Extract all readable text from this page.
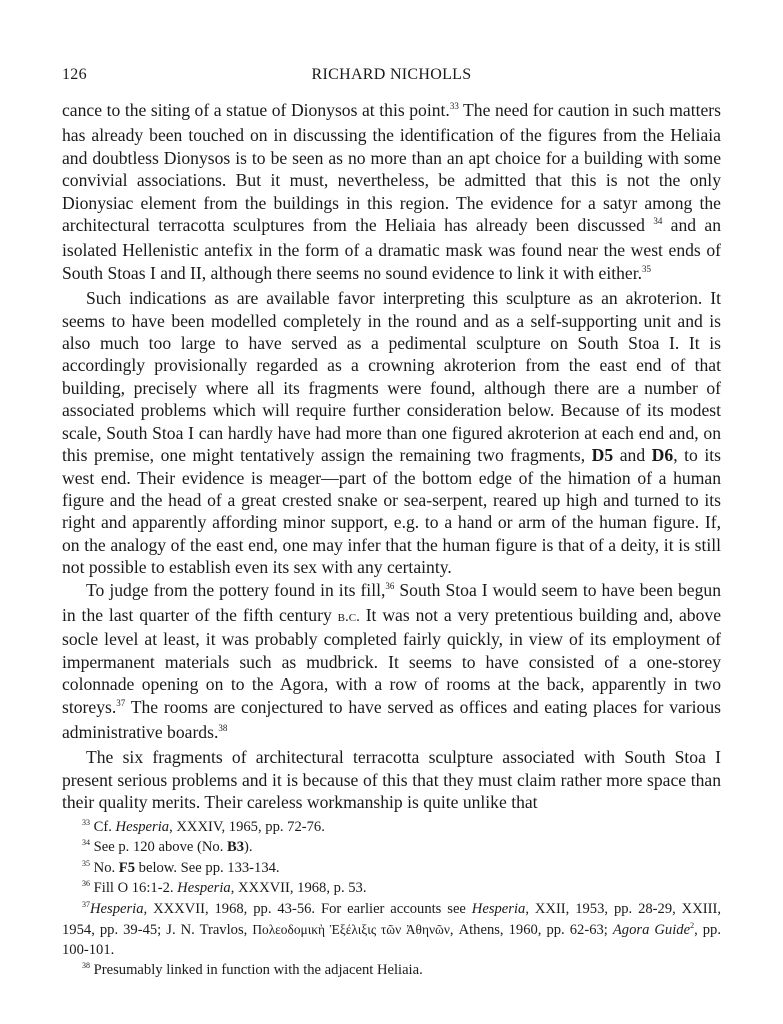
126	RICHARD NICHOLLS

cance to the siting of a statue of Dionysos at this point.$^{33}$ The need for caution in such matters has already been touched on in discussing the identification of the figures from the Heliaia and doubtless Dionysos is to be seen as no more than an apt choice for a building with some convivial associations. But it must, nevertheless, be admitted that this is not the only Dionysiac element from the buildings in this region. The evidence for a satyr among the architectural terracotta sculptures from the Heliaia has already been discussed $^{34}$ and an isolated Hellenistic antefix in the form of a dramatic mask was found near the west ends of South Stoas I and II, although there seems no sound evidence to link it with either.$^{35}$

Such indications as are available favor interpreting this sculpture as an akroterion. It seems to have been modelled completely in the round and as a self-supporting unit and is also much too large to have served as a pedimental sculpture on South Stoa I. It is accordingly provisionally regarded as a crowning akroterion from the east end of that building, precisely where all its fragments were found, although there are a number of associated problems which will require further consideration below. Because of its modest scale, South Stoa I can hardly have had more than one figured akroterion at each end and, on this premise, one might tentatively assign the remaining two fragments, D5 and D6, to its west end. Their evidence is meager—part of the bottom edge of the himation of a human figure and the head of a great crested snake or sea-serpent, reared up high and turned to its right and apparently affording minor support, e.g. to a hand or arm of the human figure. If, on the analogy of the east end, one may infer that the human figure is that of a deity, it is still not possible to establish even its sex with any certainty.

To judge from the pottery found in its fill,$^{36}$ South Stoa I would seem to have been begun in the last quarter of the fifth century b.c. It was not a very pretentious building and, above socle level at least, it was probably completed fairly quickly, in view of its employment of impermanent materials such as mudbrick. It seems to have consisted of a one-storey colonnade opening on to the Agora, with a row of rooms at the back, apparently in two storeys.$^{37}$ The rooms are conjectured to have served as offices and eating places for various administrative boards.$^{38}$

The six fragments of architectural terracotta sculpture associated with South Stoa I present serious problems and it is because of this that they must claim rather more space than their quality merits. Their careless workmanship is quite unlike that

$^{33}$ Cf. Hesperia, XXXIV, 1965, pp. 72-76.

$^{34}$ See p. 120 above (No. B3).

$^{35}$ No. F5 below. See pp. 133-134.

$^{36}$ Fill O 16:1-2. Hesperia, XXXVII, 1968, p. 53.

$^{37}$Hesperia, XXXVII, 1968, pp. 43-56. For earlier accounts see Hesperia, XXII, 1953, pp. 28-29, XXIII, 1954, pp. 39-45; J. N. Travlos, Πολεοδομικὴ Ἐξέλιξις τῶν Ἀθηνῶν, Athens, 1960, pp. 62-63; Agora Guide$^2$, pp. 100-101.

$^{38}$ Presumably linked in function with the adjacent Heliaia.
